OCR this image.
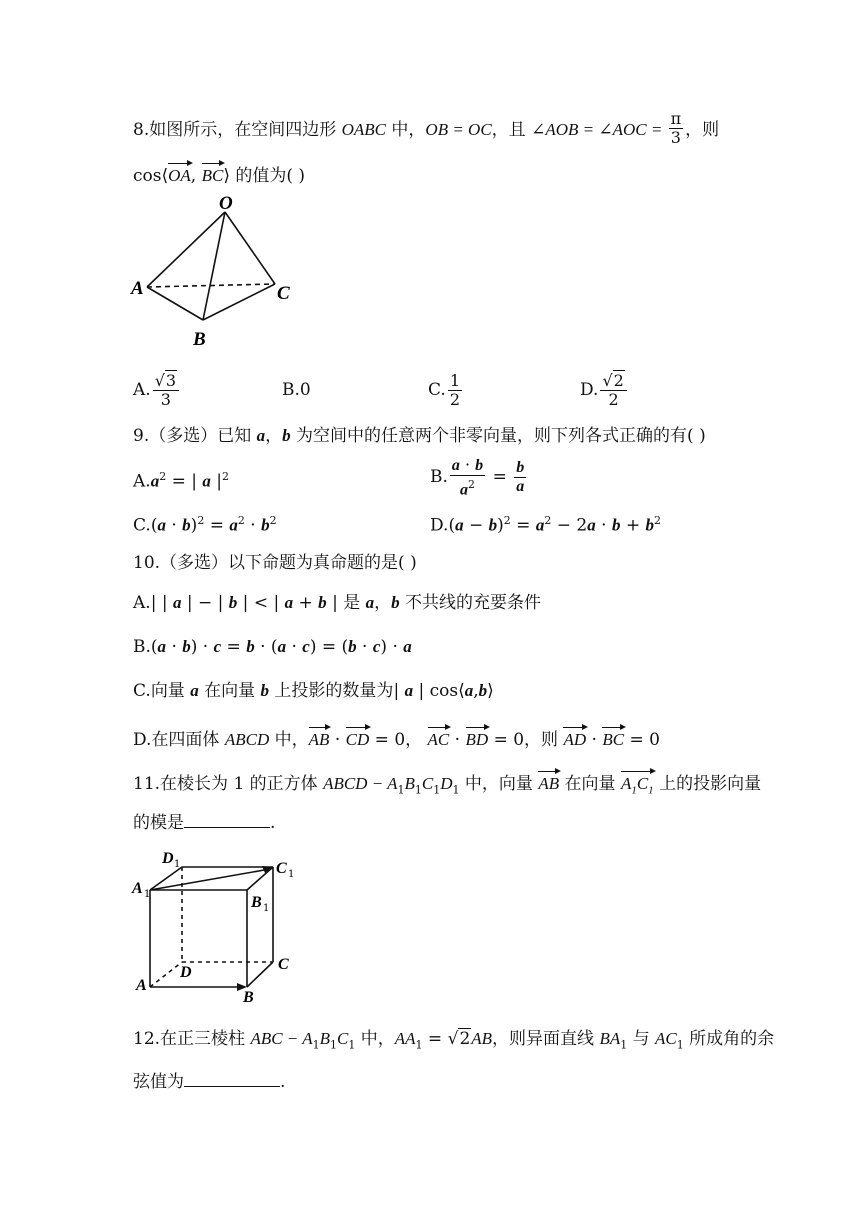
8.如图所示，在空间四边形 OABC 中，OB = OC，且 ∠AOB = ∠AOC = $\frac{\pi}{3}$ ，则
cos⟨OA, BC⟩ 的值为( )
O
A	C
B
A. $\frac{√3}{3}$	B.0	C. $\frac{1}{2}$	D. $\frac{√2}{2}$
9.（多选）已知 a，b 为空间中的任意两个非零向量，则下列各式正确的有( )
$A.a^2$ = | a $|^2$	B. $\frac{a \cdot b}{a^2} = \frac{b}{a}$
$C.(a \cdot b)^2 = a^2 \cdot b^2$	$D.(a - b)^2 = a^2 - 2a \cdot b + b^2$
10.（多选）以下命题为真命题的是( )
A.| | a | − | b | < | a + b | 是 a，b 不共线的充要条件
B.(a · b) · c = b · (a · c) = (b · c) · a
C.向量 a 在向量 b 上投影的数量为| a | cos⟨a,b⟩
D.在四面体 ABCD 中，AB · CD = 0， AC · BD = 0，则 AD · BC = 0
11.在棱长为 1 的正方体 ABCD − $A_1B_1C_1D_1$ 中，向量 AB 在向量 $A_1C_1$ 上的投影向量
的模是	.
D 1	C 1
A 1	B 1
D	C
A
B
12.在正三棱柱 ABC − $A_1B_1C_1$ 中，$AA_1 = √2AB$，则异面直线 $BA_1$ 与 $AC_1$ 所成角的余
弦值为	.
